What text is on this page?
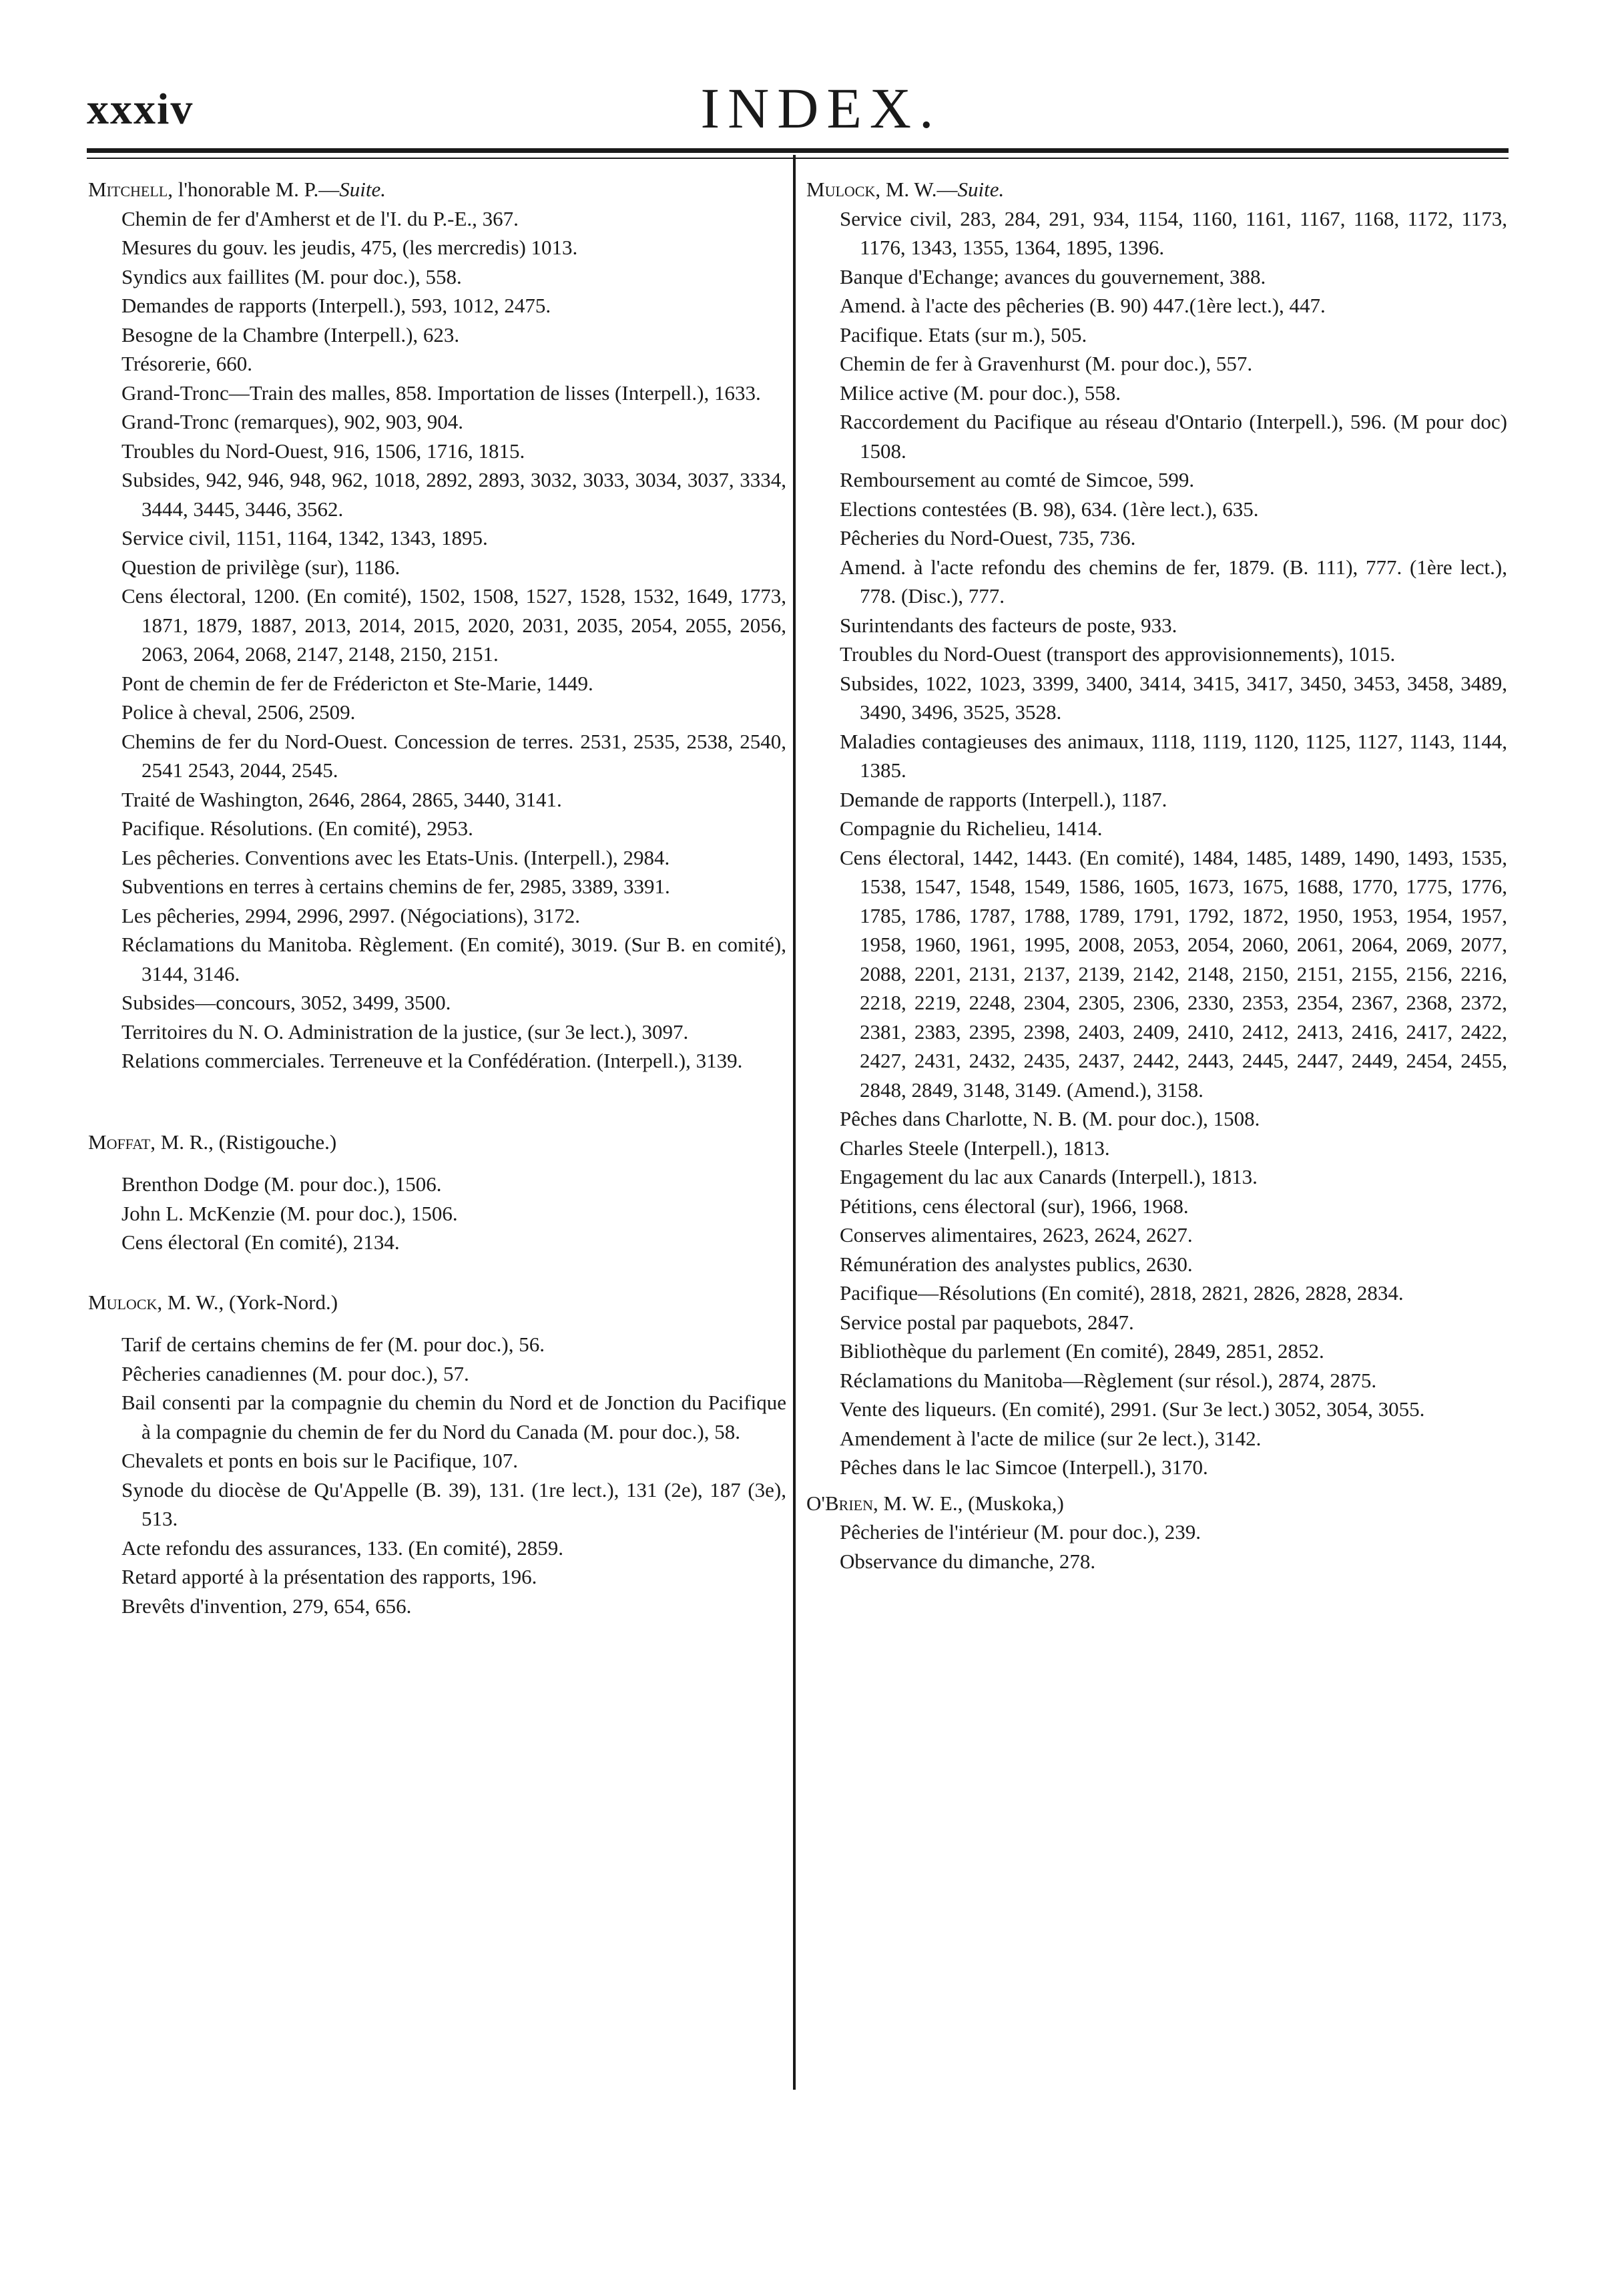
xxxiv	INDEX.
Mitchell, l'honorable M. P.—Suite.
Chemin de fer d'Amherst et de l'I. du P.-E., 367.
Mesures du gouv. les jeudis, 475, (les mercredis) 1013.
Syndics aux faillites (M. pour doc.), 558.
Demandes de rapports (Interpell.), 593, 1012, 2475.
Besogne de la Chambre (Interpell.), 623.
Trésorerie, 660.
Grand-Tronc—Train des malles, 858. Importation de lisses (Interpell.), 1633.
Grand-Tronc (remarques), 902, 903, 904.
Troubles du Nord-Ouest, 916, 1506, 1716, 1815.
Subsides, 942, 946, 948, 962, 1018, 2892, 2893, 3032, 3033, 3034, 3037, 3334, 3444, 3445, 3446, 3562.
Service civil, 1151, 1164, 1342, 1343, 1895.
Question de privilège (sur), 1186.
Cens électoral, 1200. (En comité), 1502, 1508, 1527, 1528, 1532, 1649, 1773, 1871, 1879, 1887, 2013, 2014, 2015, 2020, 2031, 2035, 2054, 2055, 2056, 2063, 2064, 2068, 2147, 2148, 2150, 2151.
Pont de chemin de fer de Frédericton et Ste-Marie, 1449.
Police à cheval, 2506, 2509.
Chemins de fer du Nord-Ouest. Concession de terres. 2531, 2535, 2538, 2540, 2541 2543, 2044, 2545.
Traité de Washington, 2646, 2864, 2865, 3440, 3141.
Pacifique. Résolutions. (En comité), 2953.
Les pêcheries. Conventions avec les Etats-Unis. (Interpell.), 2984.
Subventions en terres à certains chemins de fer, 2985, 3389, 3391.
Les pêcheries, 2994, 2996, 2997. (Négociations), 3172.
Réclamations du Manitoba. Règlement. (En comité), 3019. (Sur B. en comité), 3144, 3146.
Subsides—concours, 3052, 3499, 3500.
Territoires du N. O. Administration de la justice, (sur 3e lect.), 3097.
Relations commerciales. Terreneuve et la Confédération. (Interpell.), 3139.
Moffat, M. R., (Ristigouche.)
Brenthon Dodge (M. pour doc.), 1506.
John L. McKenzie (M. pour doc.), 1506.
Cens électoral (En comité), 2134.
Mulock, M. W., (York-Nord.)
Tarif de certains chemins de fer (M. pour doc.), 56.
Pêcheries canadiennes (M. pour doc.), 57.
Bail consenti par la compagnie du chemin du Nord et de Jonction du Pacifique à la compagnie du chemin de fer du Nord du Canada (M. pour doc.), 58.
Chevalets et ponts en bois sur le Pacifique, 107.
Synode du diocèse de Qu'Appelle (B. 39), 131. (1re lect.), 131 (2e), 187 (3e), 513.
Acte refondu des assurances, 133. (En comité), 2859.
Retard apporté à la présentation des rapports, 196.
Brevêts d'invention, 279, 654, 656.
Mulock, M. W.—Suite.
Service civil, 283, 284, 291, 934, 1154, 1160, 1161, 1167, 1168, 1172, 1173, 1176, 1343, 1355, 1364, 1895, 1396.
Banque d'Echange; avances du gouvernement, 388.
Amend. à l'acte des pêcheries (B. 90) 447.(1ère lect.), 447.
Pacifique. Etats (sur m.), 505.
Chemin de fer à Gravenhurst (M. pour doc.), 557.
Milice active (M. pour doc.), 558.
Raccordement du Pacifique au réseau d'Ontario (Interpell.), 596. (M pour doc) 1508.
Remboursement au comté de Simcoe, 599.
Elections contestées (B. 98), 634. (1ère lect.), 635.
Pêcheries du Nord-Ouest, 735, 736.
Amend. à l'acte refondu des chemins de fer, 1879. (B. 111), 777. (1ère lect.), 778. (Disc.), 777.
Surintendants des facteurs de poste, 933.
Troubles du Nord-Ouest (transport des approvisionnements), 1015.
Subsides, 1022, 1023, 3399, 3400, 3414, 3415, 3417, 3450, 3453, 3458, 3489, 3490, 3496, 3525, 3528.
Maladies contagieuses des animaux, 1118, 1119, 1120, 1125, 1127, 1143, 1144, 1385.
Demande de rapports (Interpell.), 1187.
Compagnie du Richelieu, 1414.
Cens électoral, 1442, 1443. (En comité), 1484, 1485, 1489, 1490, 1493, 1535, 1538, 1547, 1548, 1549, 1586, 1605, 1673, 1675, 1688, 1770, 1775, 1776, 1785, 1786, 1787, 1788, 1789, 1791, 1792, 1872, 1950, 1953, 1954, 1957, 1958, 1960, 1961, 1995, 2008, 2053, 2054, 2060, 2061, 2064, 2069, 2077, 2088, 2201, 2131, 2137, 2139, 2142, 2148, 2150, 2151, 2155, 2156, 2216, 2218, 2219, 2248, 2304, 2305, 2306, 2330, 2353, 2354, 2367, 2368, 2372, 2381, 2383, 2395, 2398, 2403, 2409, 2410, 2412, 2413, 2416, 2417, 2422, 2427, 2431, 2432, 2435, 2437, 2442, 2443, 2445, 2447, 2449, 2454, 2455, 2848, 2849, 3148, 3149. (Amend.), 3158.
Pêches dans Charlotte, N. B. (M. pour doc.), 1508.
Charles Steele (Interpell.), 1813.
Engagement du lac aux Canards (Interpell.), 1813.
Pétitions, cens électoral (sur), 1966, 1968.
Conserves alimentaires, 2623, 2624, 2627.
Rémunération des analystes publics, 2630.
Pacifique—Résolutions (En comité), 2818, 2821, 2826, 2828, 2834.
Service postal par paquebots, 2847.
Bibliothèque du parlement (En comité), 2849, 2851, 2852.
Réclamations du Manitoba—Règlement (sur résol.), 2874, 2875.
Vente des liqueurs. (En comité), 2991. (Sur 3e lect.) 3052, 3054, 3055.
Amendement à l'acte de milice (sur 2e lect.), 3142.
Pêches dans le lac Simcoe (Interpell.), 3170.
O'Brien, M. W. E., (Muskoka,)
Pêcheries de l'intérieur (M. pour doc.), 239.
Observance du dimanche, 278.
